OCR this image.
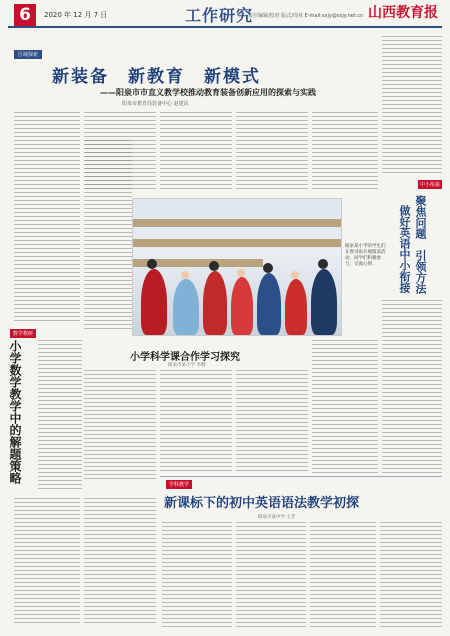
6	2020 年 12 月 7 日	工作研究
责任编辑/校对 版式/周亚 E-mail:sxjy@sxjy.net.cn 山西教育报
区域探索
新装备　新教育　新模式
——阳泉市市直义教学校推动教育装备创新应用的探索与实践
阳泉市教育局装备中心 赵建民
阳泉某小学的学生们在图书角开展阅读活动，同学们积极参与，交流心得。
小学科学课合作学习探究
阳泉市某小学 李娜
数学教研
小学数学教学中的解题策略
中小衔接
聚焦问题　引领方法
做好英语中小衔接
学科教学
新课标下的初中英语语法教学初探
阳泉市某中学 王芳
